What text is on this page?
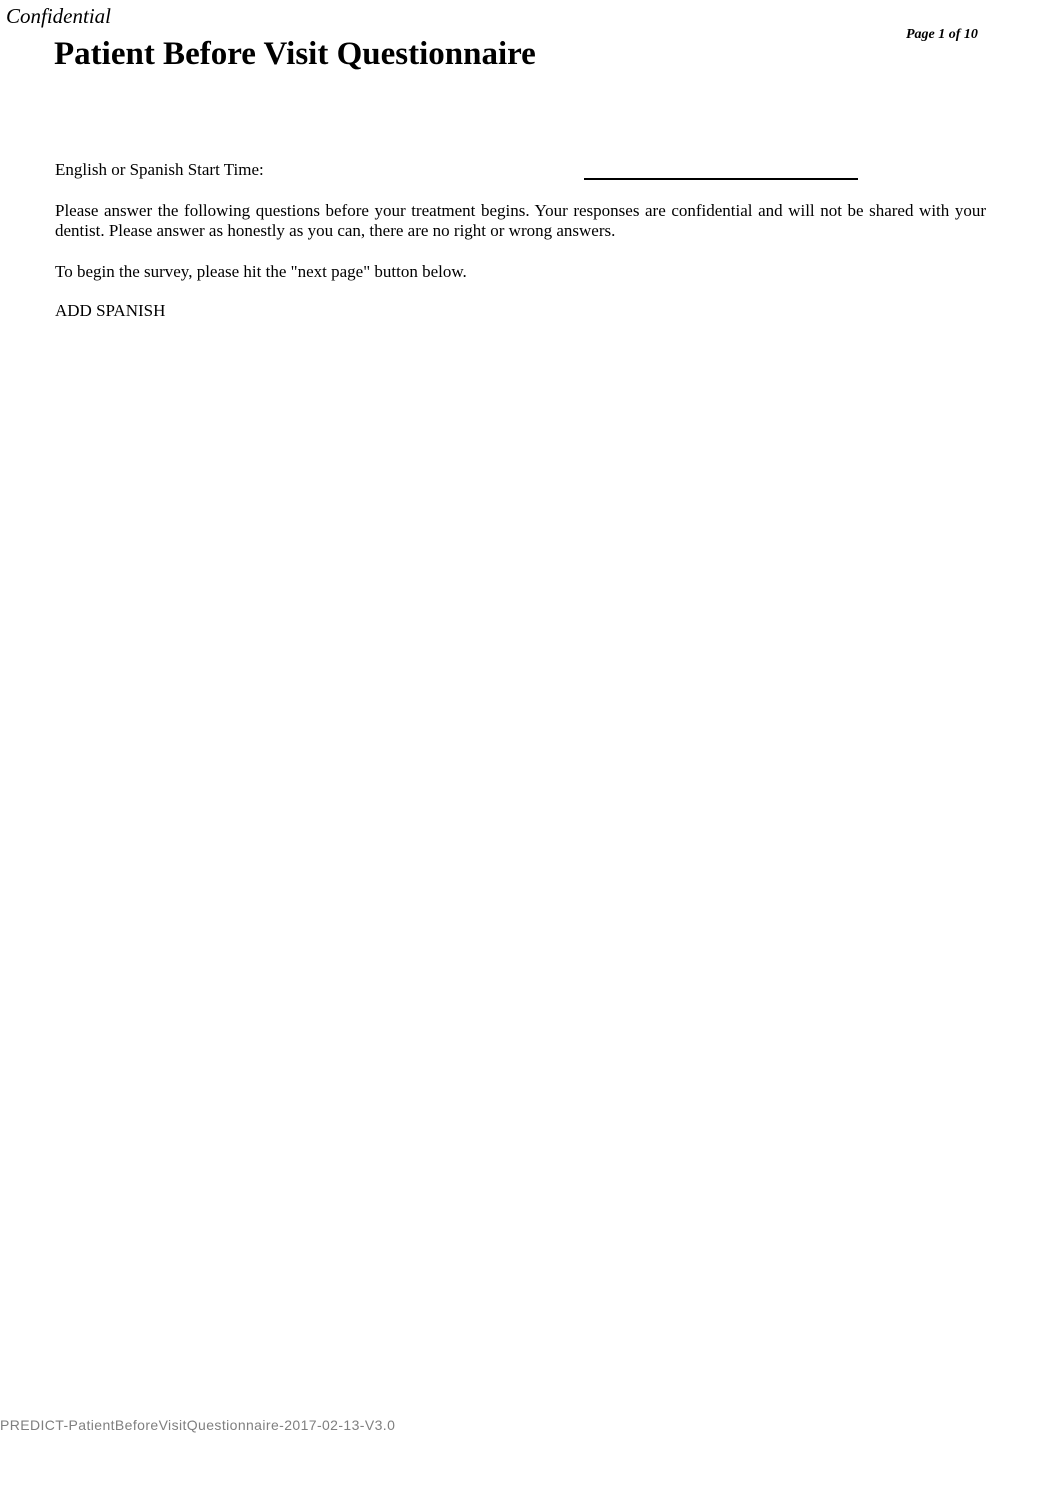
Confidential
Page 1 of 10
Patient Before Visit Questionnaire
English or Spanish Start Time:

Please answer the following questions before your treatment begins. Your responses are confidential and will not be shared with your dentist. Please answer as honestly as you can, there are no right or wrong answers.

To begin the survey, please hit the "next page" button below.

ADD SPANISH

PREDICT-PatientBeforeVisitQuestionnaire-2017-02-13-V3.0
